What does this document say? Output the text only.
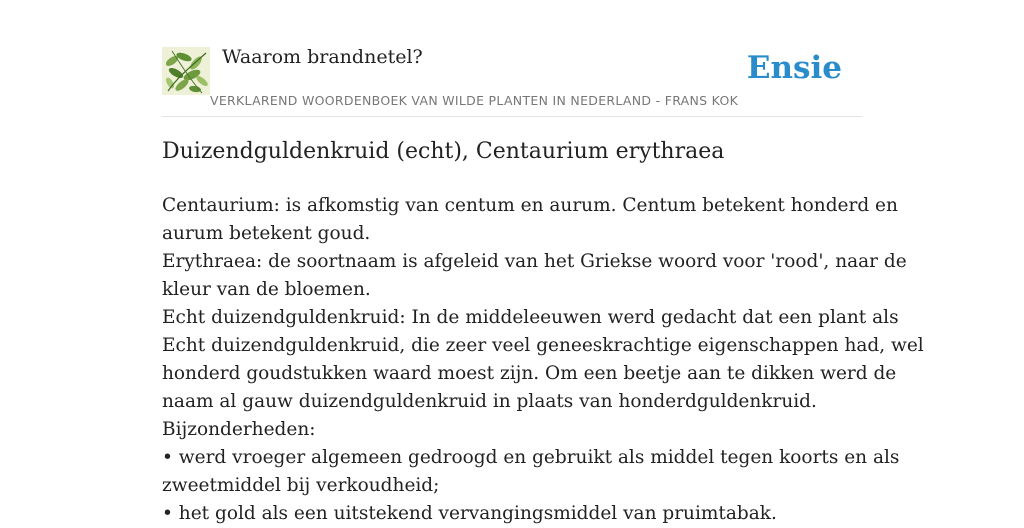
Waarom brandnetel?
VERKLAREND WOORDENBOEK VAN WILDE PLANTEN IN NEDERLAND - FRANS KOK
Ensie
Duizendguldenkruid (echt), Centaurium erythraea
Centaurium: is afkomstig van centum en aurum. Centum betekent honderd en
aurum betekent goud.
Erythraea: de soortnaam is afgeleid van het Griekse woord voor 'rood', naar de
kleur van de bloemen.
Echt duizendguldenkruid: In de middeleeuwen werd gedacht dat een plant als
Echt duizendguldenkruid, die zeer veel geneeskrachtige eigenschappen had, wel
honderd goudstukken waard moest zijn. Om een beetje aan te dikken werd de
naam al gauw duizendguldenkruid in plaats van honderdguldenkruid.
Bijzonderheden:
• werd vroeger algemeen gedroogd en gebruikt als middel tegen koorts en als
zweetmiddel bij verkoudheid;
• het gold als een uitstekend vervangingsmiddel van pruimtabak.
